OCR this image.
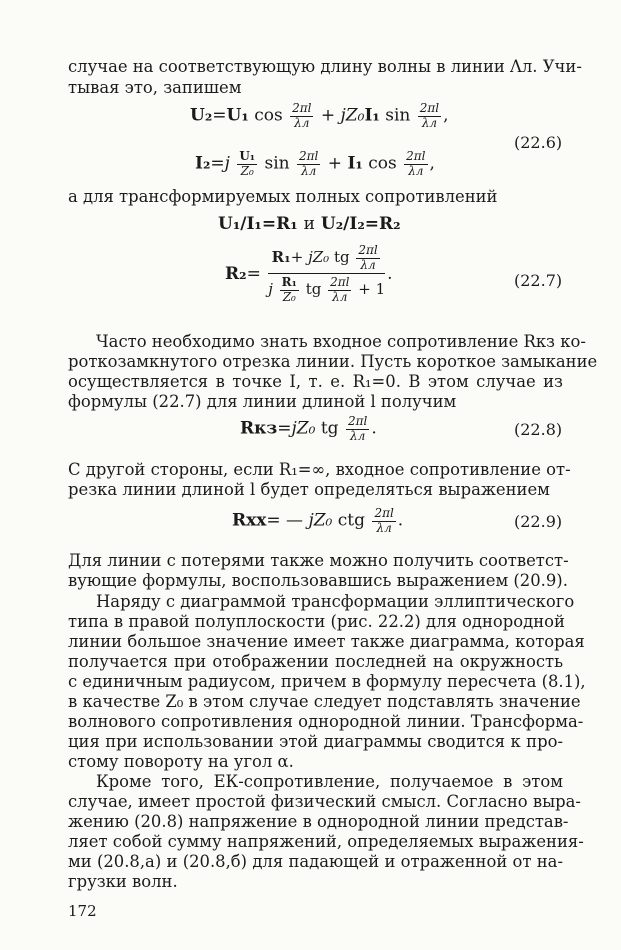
случае на соответствующую длину волны в линии Λл. Учи-
тывая это, запишем
U₂=U₁ cos 2πl
λл + jZ₀I₁ sin 2πl
λл ,
(22.6)
$I_2=j \frac{\text{U₁}}{\text{Z₀}}$ sin 2πl
λл + I₁ cos 2πl
λл ,
а для трансформируемых полных сопротивлений
U₁/I₁=R₁ и U₂/I₂=R₂
R₂=
R₁+ jZ₀ tg 2πl
λл
j $\frac{\text{R₁}}{\text{Z₀}}$ tg 2πl
λл + 1
.	(22.7)
Часто необходимо знать входное сопротивление Rкз ко-
роткозамкнутого отрезка линии. Пусть короткое замыкание
осуществляется в точке I, т. е. R₁=0. В этом случае из
формулы (22.7) для линии длиной l получим
Rкз=jZ₀ tg 2πl
λл .	(22.8)
С другой стороны, если R₁=∞, входное сопротивление от-
резка линии длиной l будет определяться выражением
Rхх= — jZ₀ ctg 2πl
λл .	(22.9)
Для линии с потерями также можно получить соответст-
вующие формулы, воспользовавшись выражением (20.9).
Наряду с диаграммой трансформации эллиптического
типа в правой полуплоскости (рис. 22.2) для однородной
линии большое значение имеет также диаграмма, которая
получается при отображении последней на окружность
с единичным радиусом, причем в формулу пересчета (8.1),
в качестве Z₀ в этом случае следует подставлять значение
волнового сопротивления однородной линии. Трансформа-
ция при использовании этой диаграммы сводится к про-
стому повороту на угол α.
Кроме того, ЕК-сопротивление, получаемое в этом
случае, имеет простой физический смысл. Согласно выра-
жению (20.8) напряжение в однородной линии представ-
ляет собой сумму напряжений, определяемых выражения-
ми (20.8,а) и (20.8,б) для падающей и отраженной от на-
грузки волн.
172
